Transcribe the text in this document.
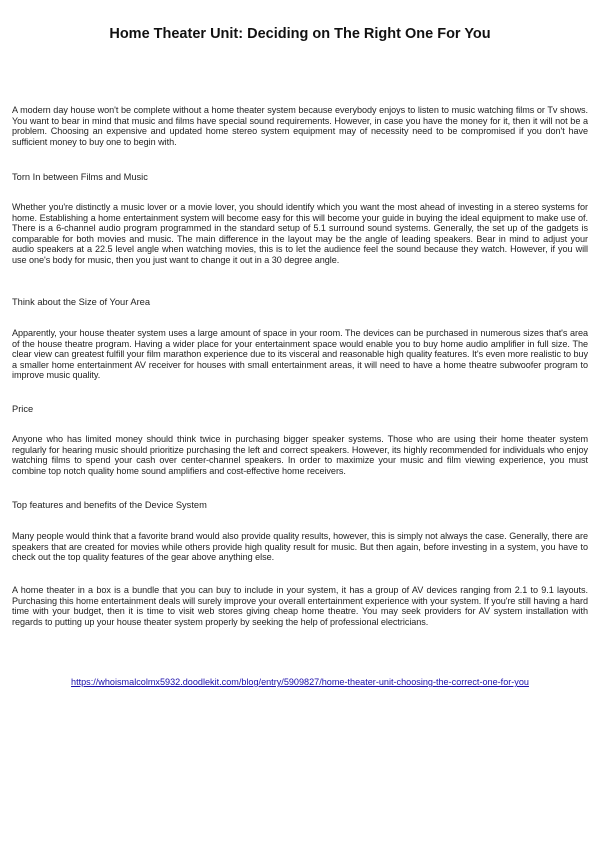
Home Theater Unit: Deciding on The Right One For You
A modern day house won't be complete without a home theater system because everybody enjoys to listen to music watching films or Tv shows. You want to bear in mind that music and films have special sound requirements. However, in case you have the money for it, then it will not be a problem. Choosing an expensive and updated home stereo system equipment may of necessity need to be compromised if you don't have sufficient money to buy one to begin with.
Torn In between Films and Music
Whether you're distinctly a music lover or a movie lover, you should identify which you want the most ahead of investing in a stereo systems for home. Establishing a home entertainment system will become easy for this will become your guide in buying the ideal equipment to make use of. There is a 6-channel audio program programmed in the standard setup of 5.1 surround sound systems. Generally, the set up of the gadgets is comparable for both movies and music. The main difference in the layout may be the angle of leading speakers. Bear in mind to adjust your audio speakers at a 22.5 level angle when watching movies, this is to let the audience feel the sound because they watch. However, if you will use one's body for music, then you just want to change it out in a 30 degree angle.
Think about the Size of Your Area
Apparently, your house theater system uses a large amount of space in your room. The devices can be purchased in numerous sizes that's area of the house theatre program. Having a wider place for your entertainment space would enable you to buy home audio amplifier in full size. The clear view can greatest fulfill your film marathon experience due to its visceral and reasonable high quality features. It's even more realistic to buy a smaller home entertainment AV receiver for houses with small entertainment areas, it will need to have a home theatre subwoofer program to improve music quality.
Price
Anyone who has limited money should think twice in purchasing bigger speaker systems. Those who are using their home theater system regularly for hearing music should prioritize purchasing the left and correct speakers. However, its highly recommended for individuals who enjoy watching films to spend your cash over center-channel speakers. In order to maximize your music and film viewing experience, you must combine top notch quality home sound amplifiers and cost-effective home receivers.
Top features and benefits of the Device System
Many people would think that a favorite brand would also provide quality results, however, this is simply not always the case. Generally, there are speakers that are created for movies while others provide high quality result for music. But then again, before investing in a system, you have to check out the top quality features of the gear above anything else.
A home theater in a box is a bundle that you can buy to include in your system, it has a group of AV devices ranging from 2.1 to 9.1 layouts. Purchasing this home entertainment deals will surely improve your overall entertainment experience with your system. If you're still having a hard time with your budget, then it is time to visit web stores giving cheap home theatre. You may seek providers for AV system installation with regards to putting up your house theater system properly by seeking the help of professional electricians.
https://whoismalcolmx5932.doodlekit.com/blog/entry/5909827/home-theater-unit-choosing-the-correct-one-for-you
